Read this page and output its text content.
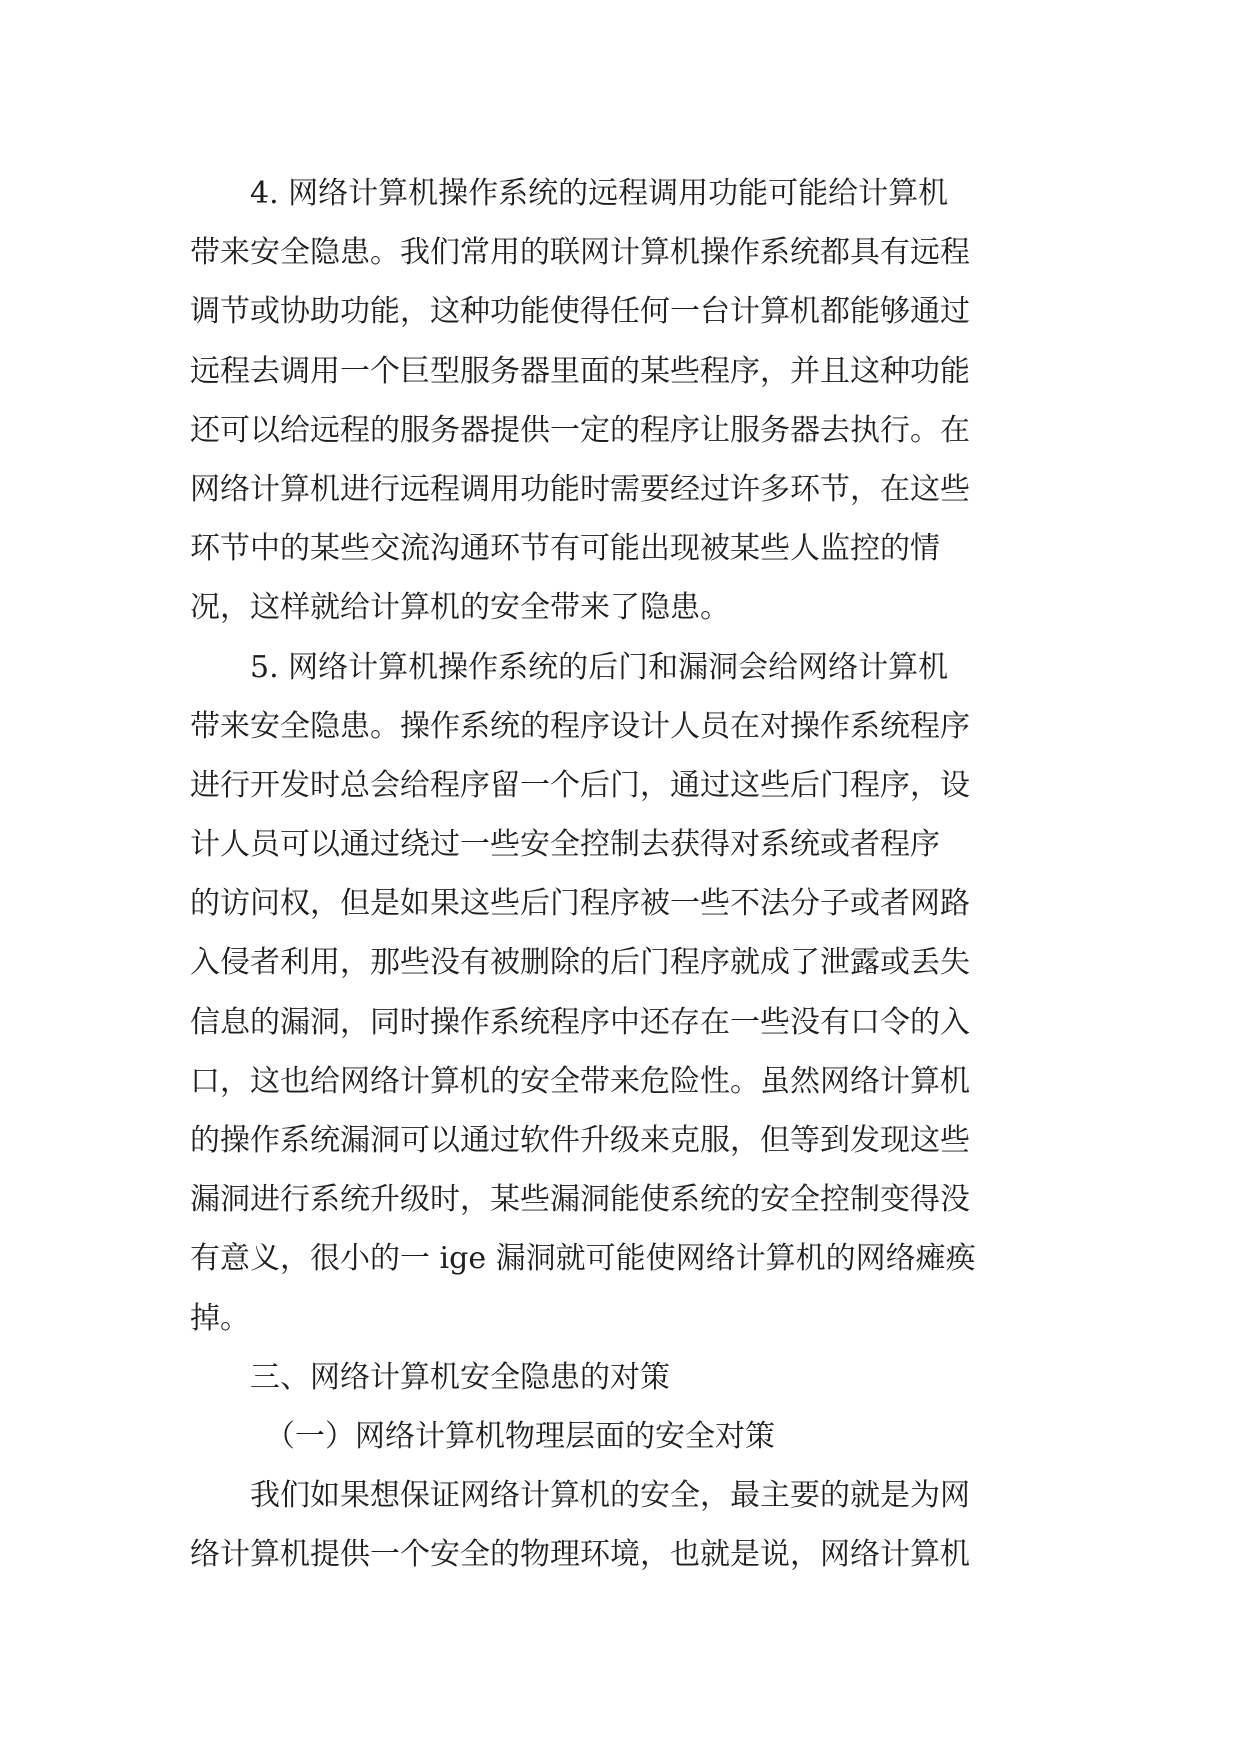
4. 网络计算机操作系统的远程调用功能可能给计算机
带来安全隐患。我们常用的联网计算机操作系统都具有远程
调节或协助功能，这种功能使得任何一台计算机都能够通过
远程去调用一个巨型服务器里面的某些程序，并且这种功能
还可以给远程的服务器提供一定的程序让服务器去执行。在
网络计算机进行远程调用功能时需要经过许多环节，在这些
环节中的某些交流沟通环节有可能出现被某些人监控的情
况，这样就给计算机的安全带来了隐患。
5. 网络计算机操作系统的后门和漏洞会给网络计算机
带来安全隐患。操作系统的程序设计人员在对操作系统程序
进行开发时总会给程序留一个后门，通过这些后门程序，设
计人员可以通过绕过一些安全控制去获得对系统或者程序
的访问权，但是如果这些后门程序被一些不法分子或者网路
入侵者利用，那些没有被删除的后门程序就成了泄露或丢失
信息的漏洞，同时操作系统程序中还存在一些没有口令的入
口，这也给网络计算机的安全带来危险性。虽然网络计算机
的操作系统漏洞可以通过软件升级来克服，但等到发现这些
漏洞进行系统升级时，某些漏洞能使系统的安全控制变得没
有意义，很小的一 ige 漏洞就可能使网络计算机的网络瘫痪
掉。
三、网络计算机安全隐患的对策
（一）网络计算机物理层面的安全对策
我们如果想保证网络计算机的安全，最主要的就是为网
络计算机提供一个安全的物理环境，也就是说，网络计算机
